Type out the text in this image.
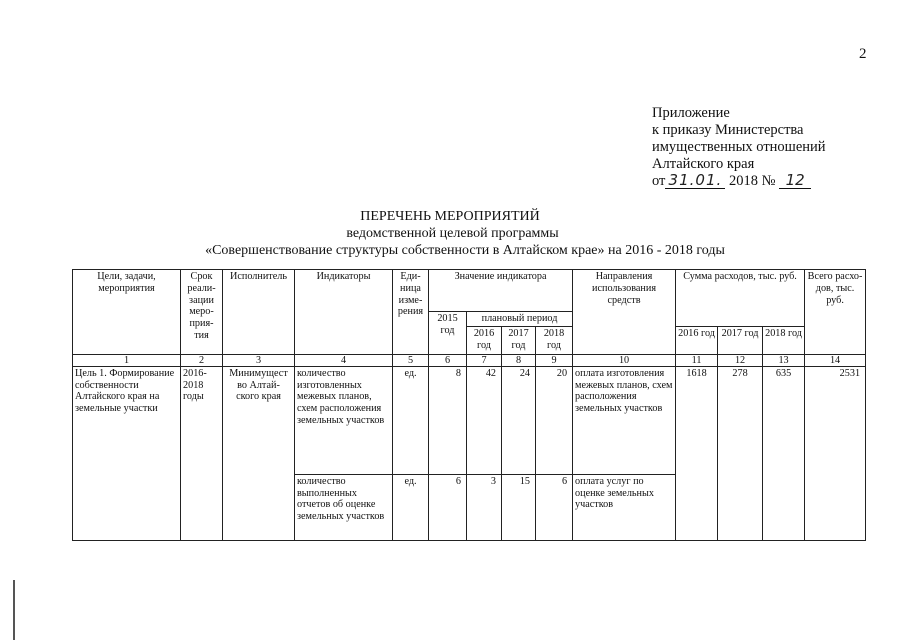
2
Приложение
к приказу Министерства
имущественных отношений
Алтайского края
от 31.01. 2018 № 12
ПЕРЕЧЕНЬ МЕРОПРИЯТИЙ
ведомственной целевой программы
«Совершенствование структуры собственности в Алтайском крае» на 2016 - 2018 годы
Цели, задачи, мероприятия	Срок реали- зации меро- прия- тия	Исполнитель	Индикаторы	Еди- ница изме- рения	Значение индикатора				Направления использования средств	Сумма расходов, тыс. руб.			Всего расхо- дов, тыс. руб.
					2015 год	плановый период							
						2016 год	2017 год	2018 год		2016 год	2017 год	2018 год	
1	2	3	4	5	6	7	8	9	10	11	12	13	14
Цель 1. Формирование собственности Алтайского края на земельные участки	2016- 2018 годы	Минимущест во Алтай- ского края	количество изготовленных межевых планов, схем расположения земельных участков	ед.	8	42	24	20	оплата изготовления межевых планов, схем расположения земельных участков	1618	278	635	2531
			количество выполненных отчетов об оценке земельных участков	ед.	6	3	15	6	оплата услуг по оценке земельных участков				
